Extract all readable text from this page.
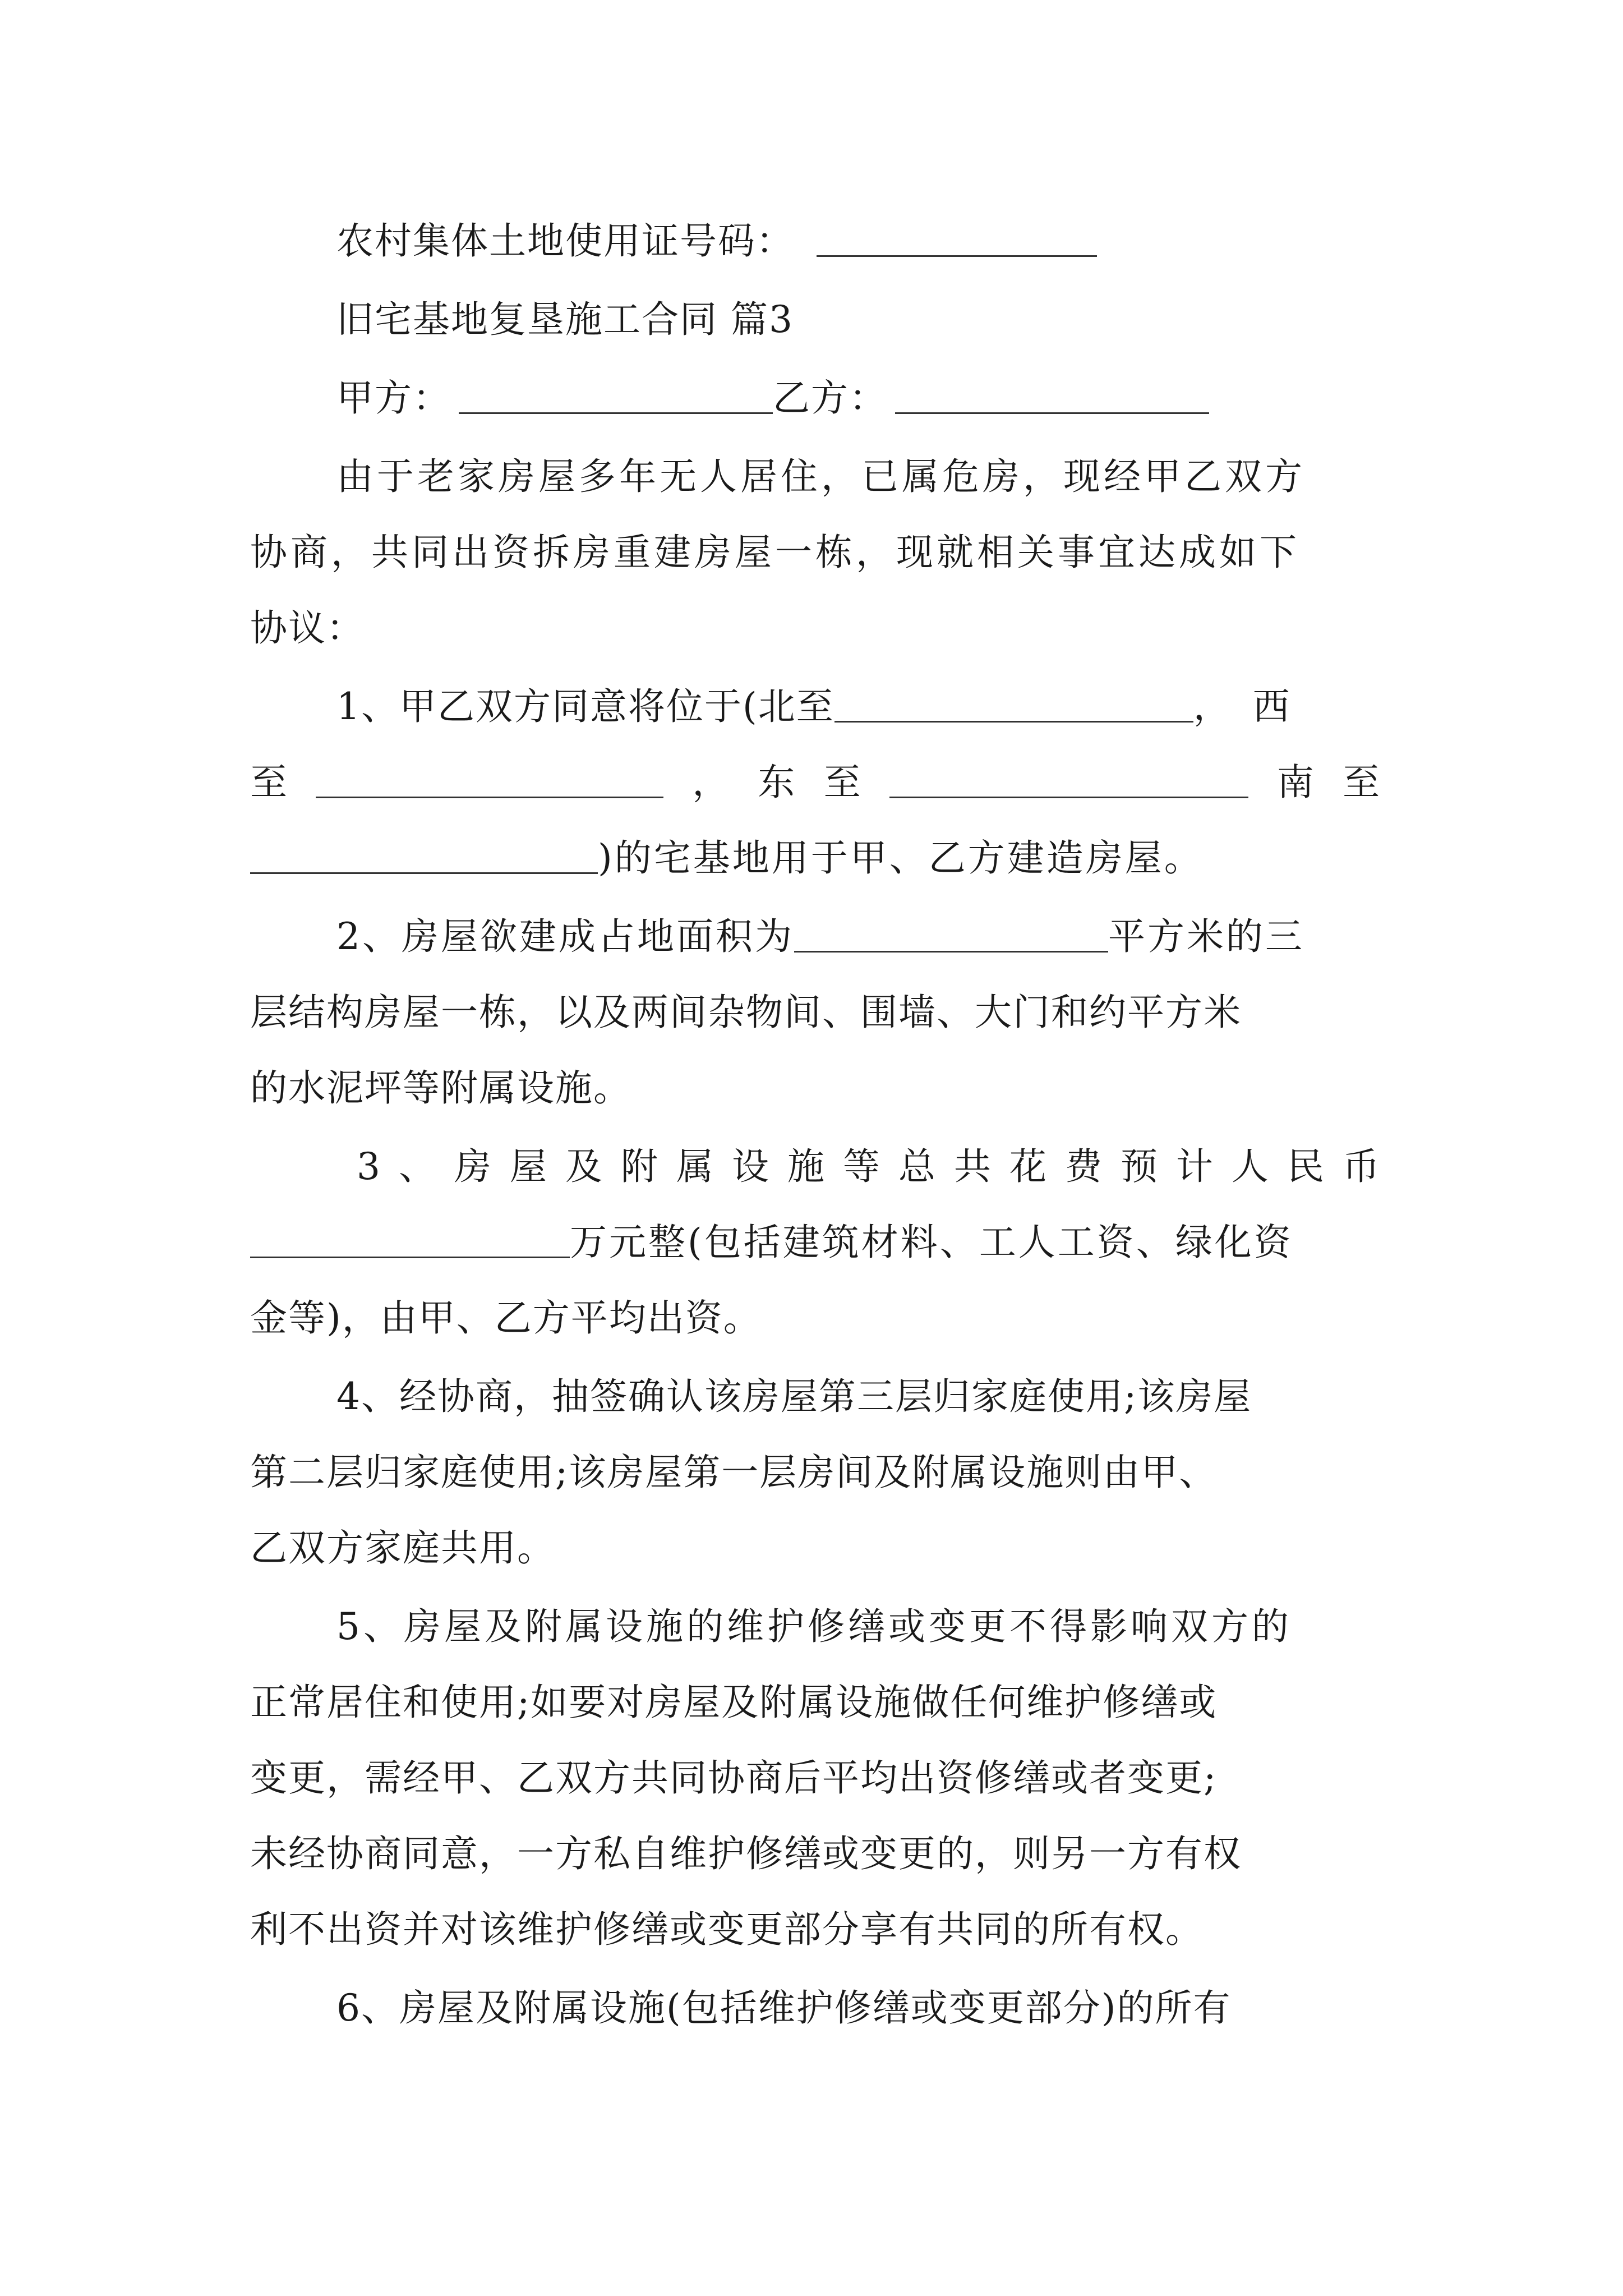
农村集体土地使用证号码：
旧宅基地复垦施工合同 篇3
甲方：	乙方：
由于老家房屋多年无人居住，已属危房，现经甲乙双方
协商，共同出资拆房重建房屋一栋，现就相关事宜达成如下
协议：
1、甲乙双方同意将位于(北至	，西
至	， 东 至	南 至
)的宅基地用于甲、乙方建造房屋。
2、房屋欲建成占地面积为	平方米的三
层结构房屋一栋，以及两间杂物间、围墙、大门和约平方米
的水泥坪等附属设施。
3 、 房 屋 及 附 属 设 施 等 总 共 花 费 预 计 人 民 币
万元整(包括建筑材料、工人工资、绿化资
金等)，由甲、乙方平均出资。
4、经协商，抽签确认该房屋第三层归家庭使用;该房屋
第二层归家庭使用;该房屋第一层房间及附属设施则由甲、
乙双方家庭共用。
5、房屋及附属设施的维护修缮或变更不得影响双方的
正常居住和使用;如要对房屋及附属设施做任何维护修缮或
变更，需经甲、乙双方共同协商后平均出资修缮或者变更;
未经协商同意，一方私自维护修缮或变更的，则另一方有权
利不出资并对该维护修缮或变更部分享有共同的所有权。
6、房屋及附属设施(包括维护修缮或变更部分)的所有
